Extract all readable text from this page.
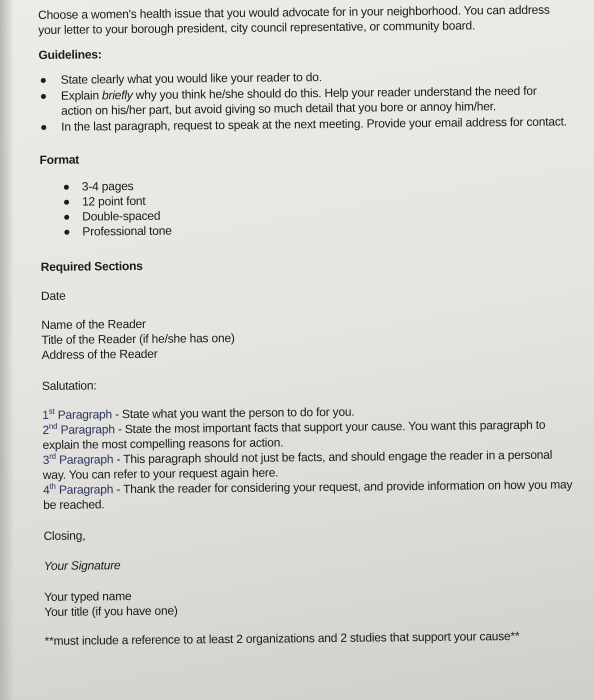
Choose a women's health issue that you would advocate for in your neighborhood. You can address your letter to your borough president, city council representative, or community board.

Guidelines:

State clearly what you would like your reader to do.
Explain briefly why you think he/she should do this. Help your reader understand the need for action on his/her part, but avoid giving so much detail that you bore or annoy him/her.
In the last paragraph, request to speak at the next meeting. Provide your email address for contact.

Format

3-4 pages
12 point font
Double-spaced
Professional tone

Required Sections

Date

Name of the Reader

Title of the Reader (if he/she has one)

Address of the Reader

Salutation:

1st Paragraph - State what you want the person to do for you.

2nd Paragraph - State the most important facts that support your cause. You want this paragraph to explain the most compelling reasons for action.

3rd Paragraph - This paragraph should not just be facts, and should engage the reader in a personal way. You can refer to your request again here.

4th Paragraph - Thank the reader for considering your request, and provide information on how you may be reached.

Closing,

Your Signature

Your typed name

Your title (if you have one)

**must include a reference to at least 2 organizations and 2 studies that support your cause**
